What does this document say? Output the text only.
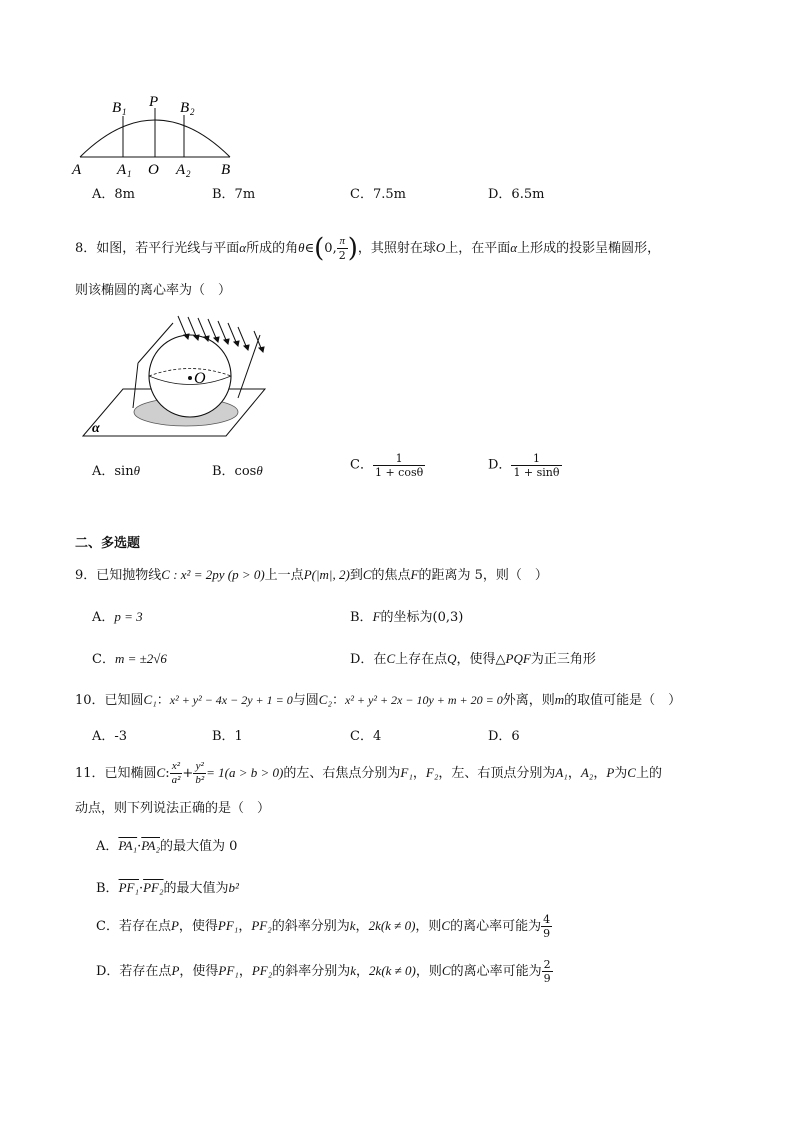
A A 1 O A 2 B
B 1
P B 2
A．8m	B．7m	C．7.5m	D．6.5m
8．如图，若平行光线与平面α所成的角θ∈(0, $\frac{\pi}{2}$ )，其照射在球O上，在平面α上形成的投影呈椭圆形，
则该椭圆的离心率为（　）
O
α
A．sinθ	B．cosθ	C． $\frac{1}{1 + \cos\theta}$	D． $\frac{1}{1 + \sin\theta}$
二、多选题
9．已知抛物线C : x² = 2py (p > 0)上一点P(|m|, 2)到C的焦点F的距离为 5，则（　）
A．p = 3	B．F的坐标为(0,3)
C．m = ±2√6	D．在C上存在点Q，使得△PQF为正三角形
10．已知圆C₁：x² + y² − 4x − 2y + 1 = 0与圆C₂：x² + y² + 2x − 10y + m + 20 = 0外离，则m的取值可能是（　）
A．-3	B．1	C．4	D．6
11．已知椭圆C: $\frac{\text{x²}}{\text{a²}} + \frac{\text{y²}}{\text{b²}} = 1(a > b > 0)$的左、右焦点分别为F₁，F₂，左、右顶点分别为A₁，A₂，P为C上的
动点，则下列说法正确的是（　）
A．PA₁·PA₂的最大值为 0
B．PF₁·PF₂的最大值为b²
C．若存在点P，使得PF₁，PF₂的斜率分别为k，2k(k ≠ 0)，则C的离心率可能为 $\frac{4}{9}$
D．若存在点P，使得PF₁，PF₂的斜率分别为k，2k(k ≠ 0)，则C的离心率可能为 $\frac{2}{9}$
